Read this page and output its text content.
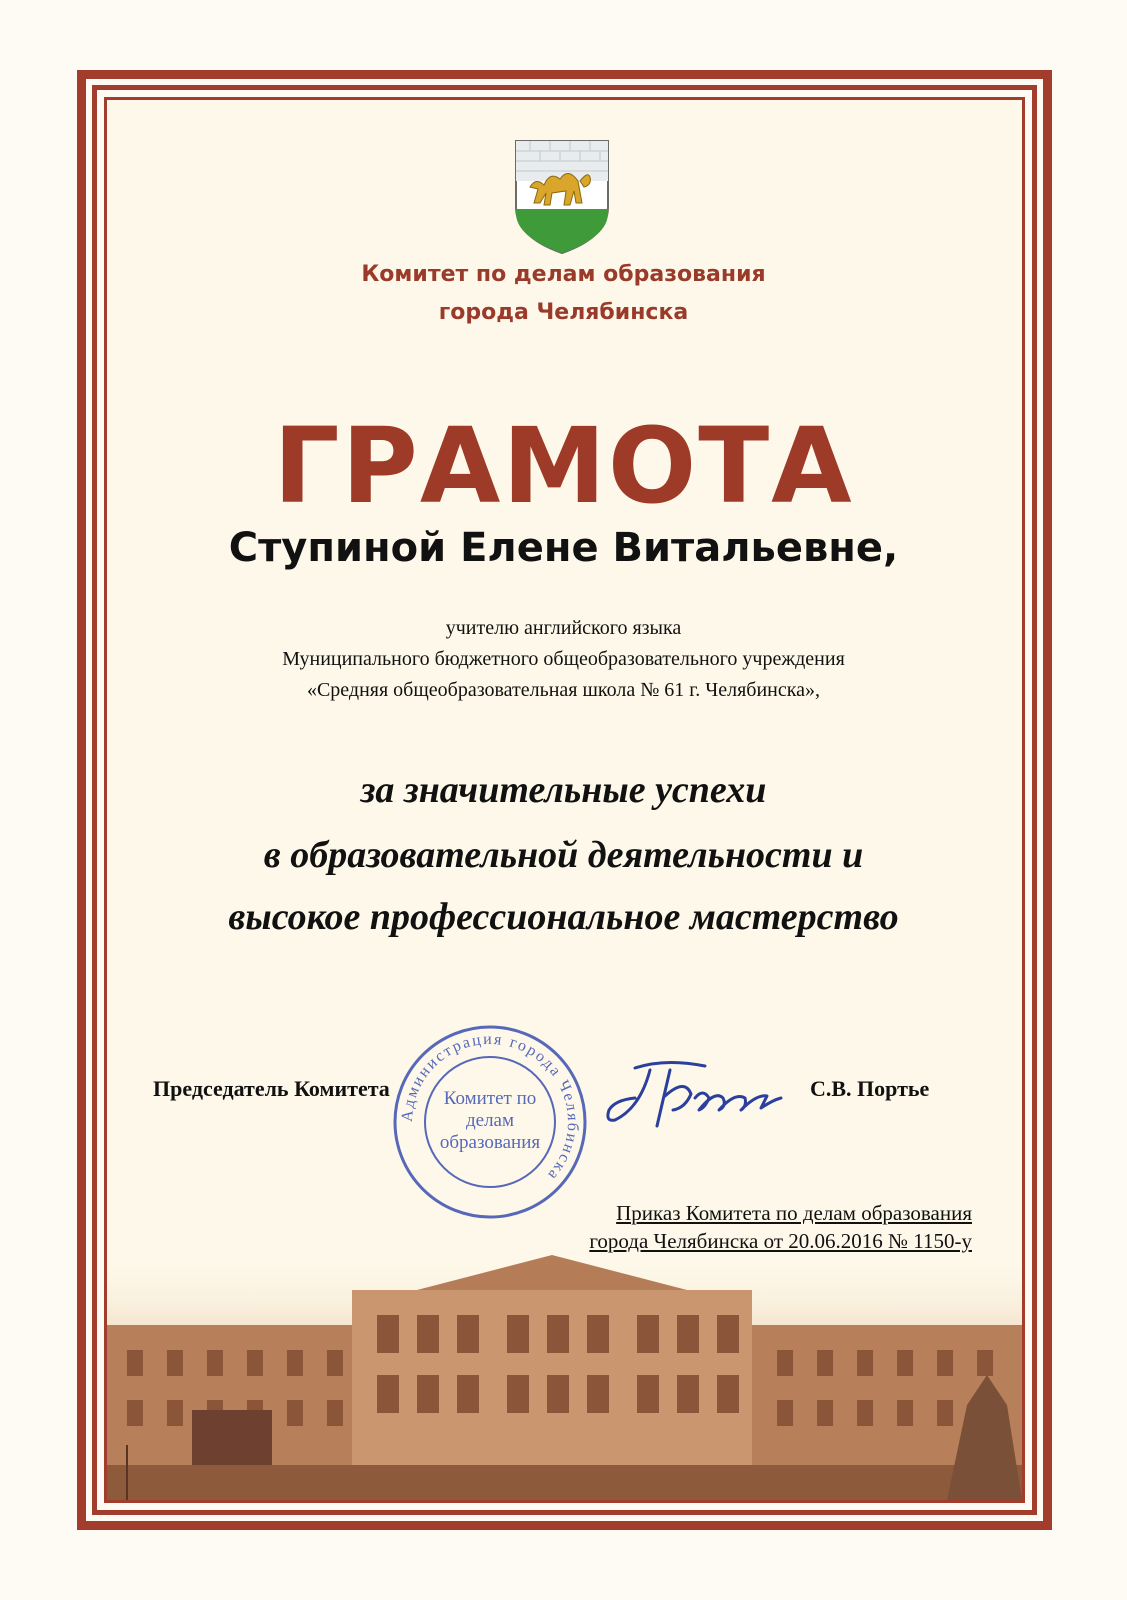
Комитет по делам образования
города Челябинска
ГРАМОТА
Ступиной Елене Витальевне,
учителю английского языка
Муниципального бюджетного общеобразовательного учреждения
«Средняя общеобразовательная школа № 61 г. Челябинска»,
за значительные успехи
в образовательной деятельности и
высокое профессиональное мастерство
Администрация города Челябинска
Комитет по делам образования
Председатель Комитета	С.В. Портье
Приказ Комитета по делам образования
города Челябинска от 20.06.2016 № 1150-у
